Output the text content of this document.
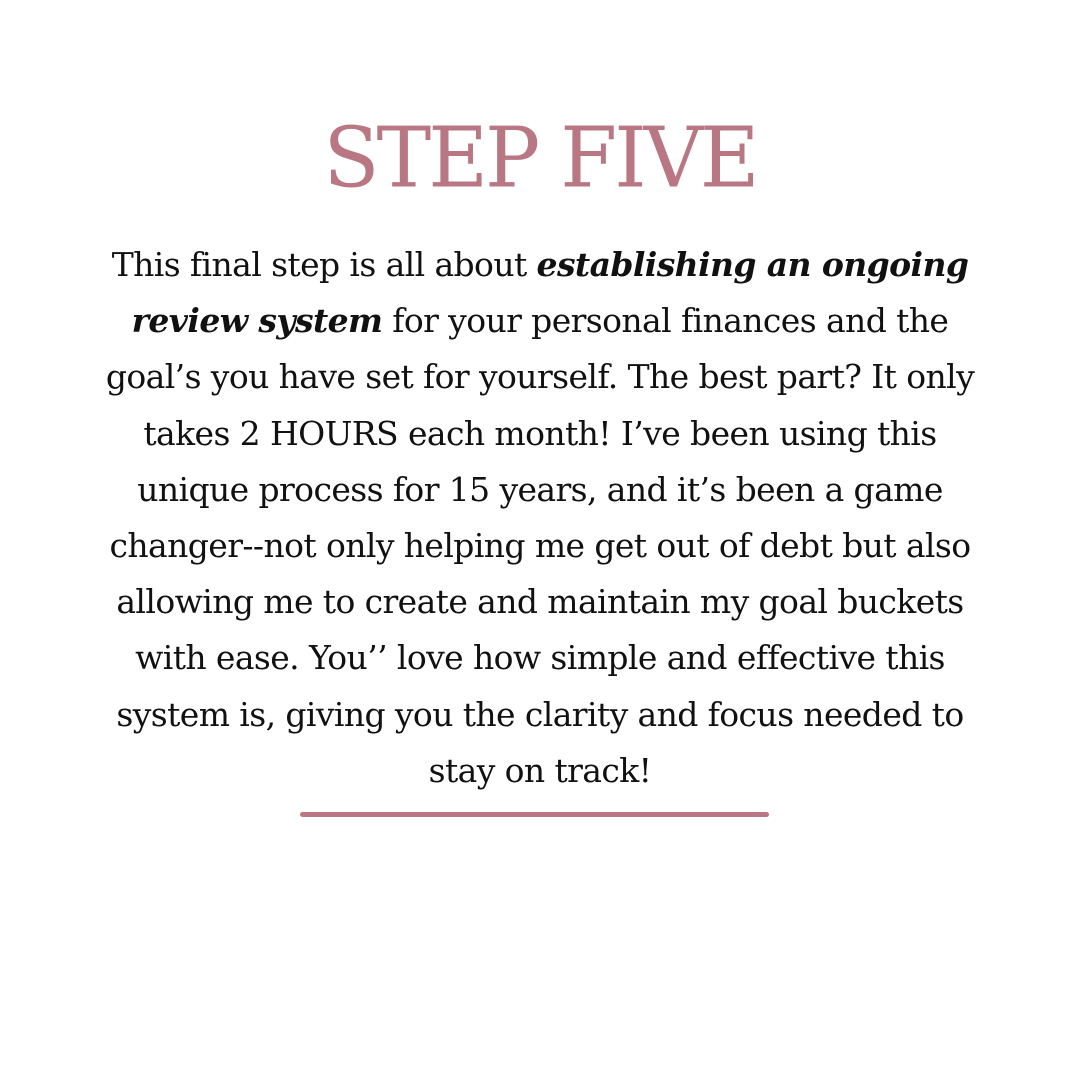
STEP FIVE
This final step is all about establishing an ongoing review system for your personal finances and the goal’s you have set for yourself. The best part? It only takes 2 HOURS each month! I’ve been using this unique process for 15 years, and it’s been a game changer--not only helping me get out of debt but also allowing me to create and maintain my goal buckets with ease. You’’ love how simple and effective this system is, giving you the clarity and focus needed to stay on track!
